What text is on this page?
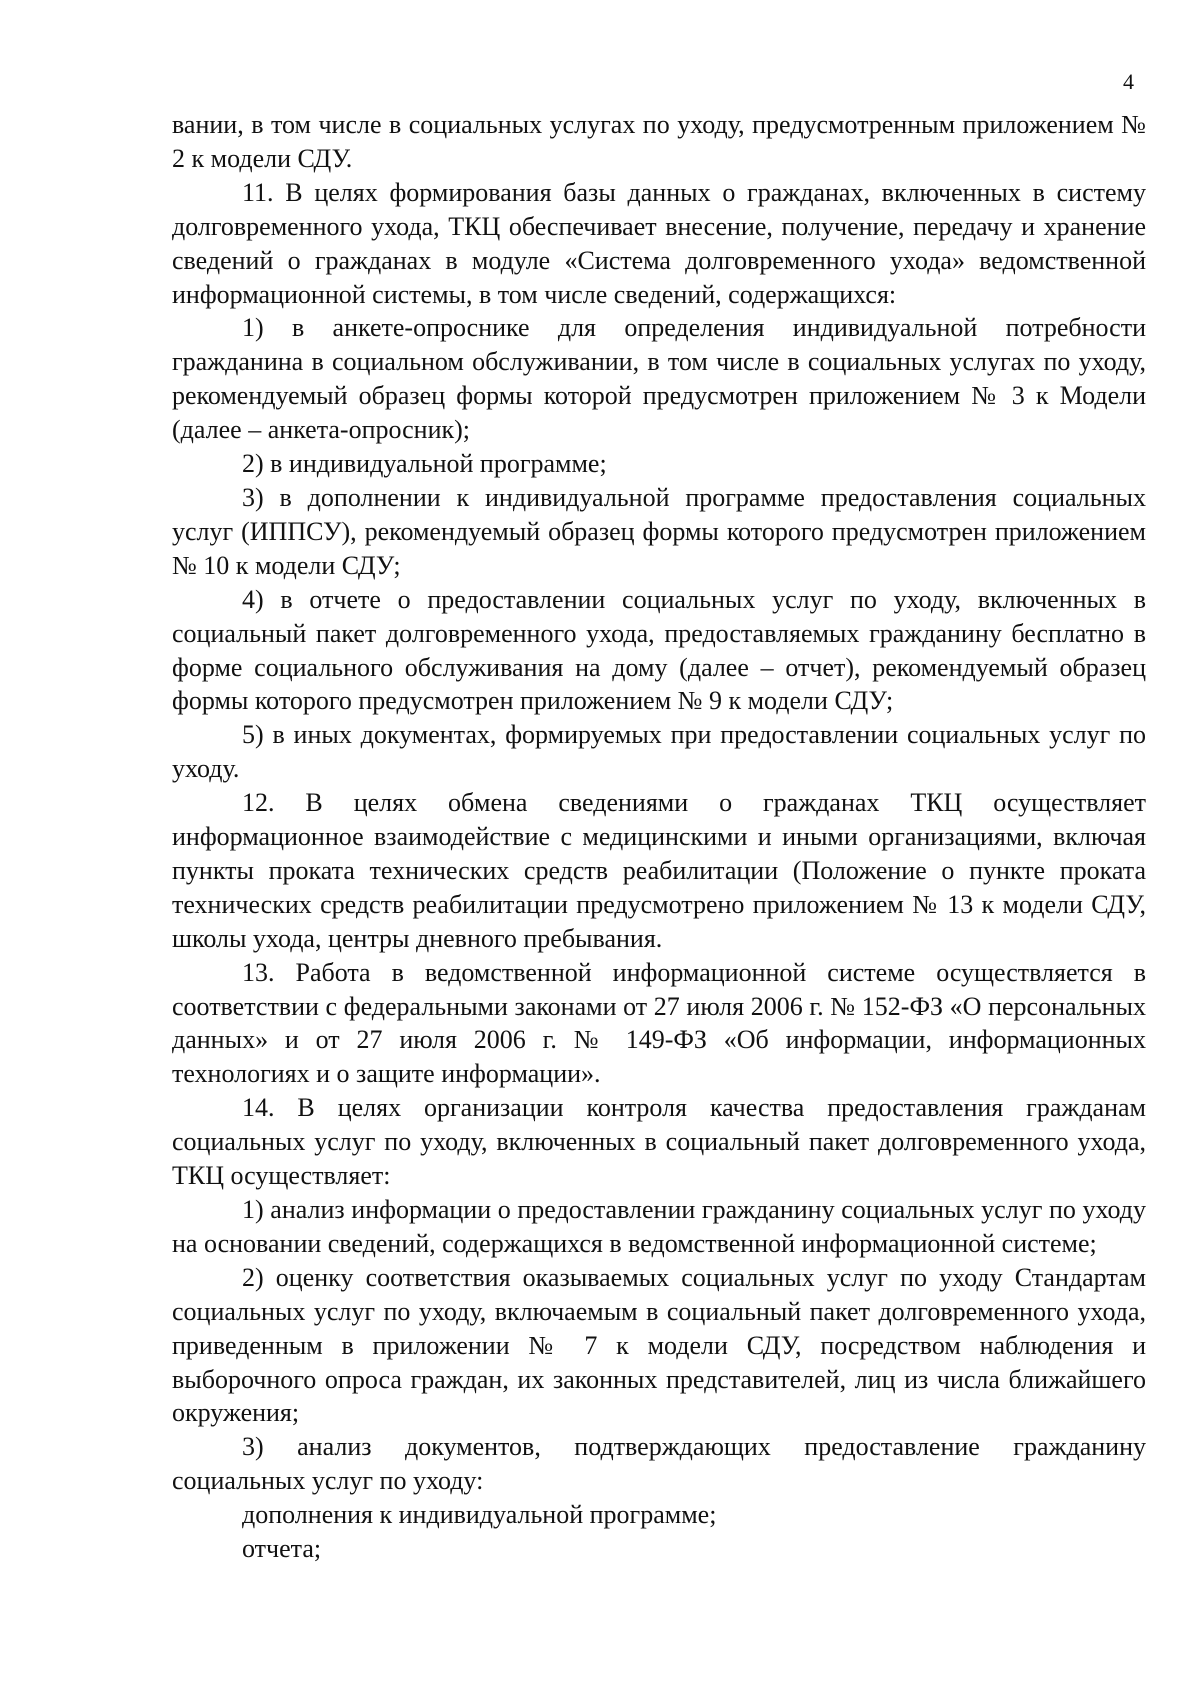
4

вании, в том числе в социальных услугах по уходу, предусмотренным приложением № 2 к модели СДУ.

11. В целях формирования базы данных о гражданах, включенных в систему долговременного ухода, ТКЦ обеспечивает внесение, получение, передачу и хранение сведений о гражданах в модуле «Система долговременного ухода» ведомственной информационной системы, в том числе сведений, содержащихся:

1) в анкете-опроснике для определения индивидуальной потребности гражданина в социальном обслуживании, в том числе в социальных услугах по уходу, рекомендуемый образец формы которой предусмотрен приложением № 3 к Модели (далее – анкета-опросник);

2) в индивидуальной программе;

3) в дополнении к индивидуальной программе предоставления социальных услуг (ИППСУ), рекомендуемый образец формы которого предусмотрен приложением № 10 к модели СДУ;

4) в отчете о предоставлении социальных услуг по уходу, включенных в социальный пакет долговременного ухода, предоставляемых гражданину бесплатно в форме социального обслуживания на дому (далее – отчет), рекомендуемый образец формы которого предусмотрен приложением № 9 к модели СДУ;

5) в иных документах, формируемых при предоставлении социальных услуг по уходу.

12. В целях обмена сведениями о гражданах ТКЦ осуществляет информационное взаимодействие с медицинскими и иными организациями, включая пункты проката технических средств реабилитации (Положение о пункте проката технических средств реабилитации предусмотрено приложением № 13 к модели СДУ, школы ухода, центры дневного пребывания.

13. Работа в ведомственной информационной системе осуществляется в соответствии с федеральными законами от 27 июля 2006 г. № 152-ФЗ «О персональных данных» и от 27 июля 2006 г. № 149-ФЗ «Об информации, информационных технологиях и о защите информации».

14. В целях организации контроля качества предоставления гражданам социальных услуг по уходу, включенных в социальный пакет долговременного ухода, ТКЦ осуществляет:

1) анализ информации о предоставлении гражданину социальных услуг по уходу на основании сведений, содержащихся в ведомственной информационной системе;

2) оценку соответствия оказываемых социальных услуг по уходу Стандартам социальных услуг по уходу, включаемым в социальный пакет долговременного ухода, приведенным в приложении № 7 к модели СДУ, посредством наблюдения и выборочного опроса граждан, их законных представителей, лиц из числа ближайшего окружения;

3) анализ документов, подтверждающих предоставление гражданину социальных услуг по уходу:

дополнения к индивидуальной программе;

отчета;
